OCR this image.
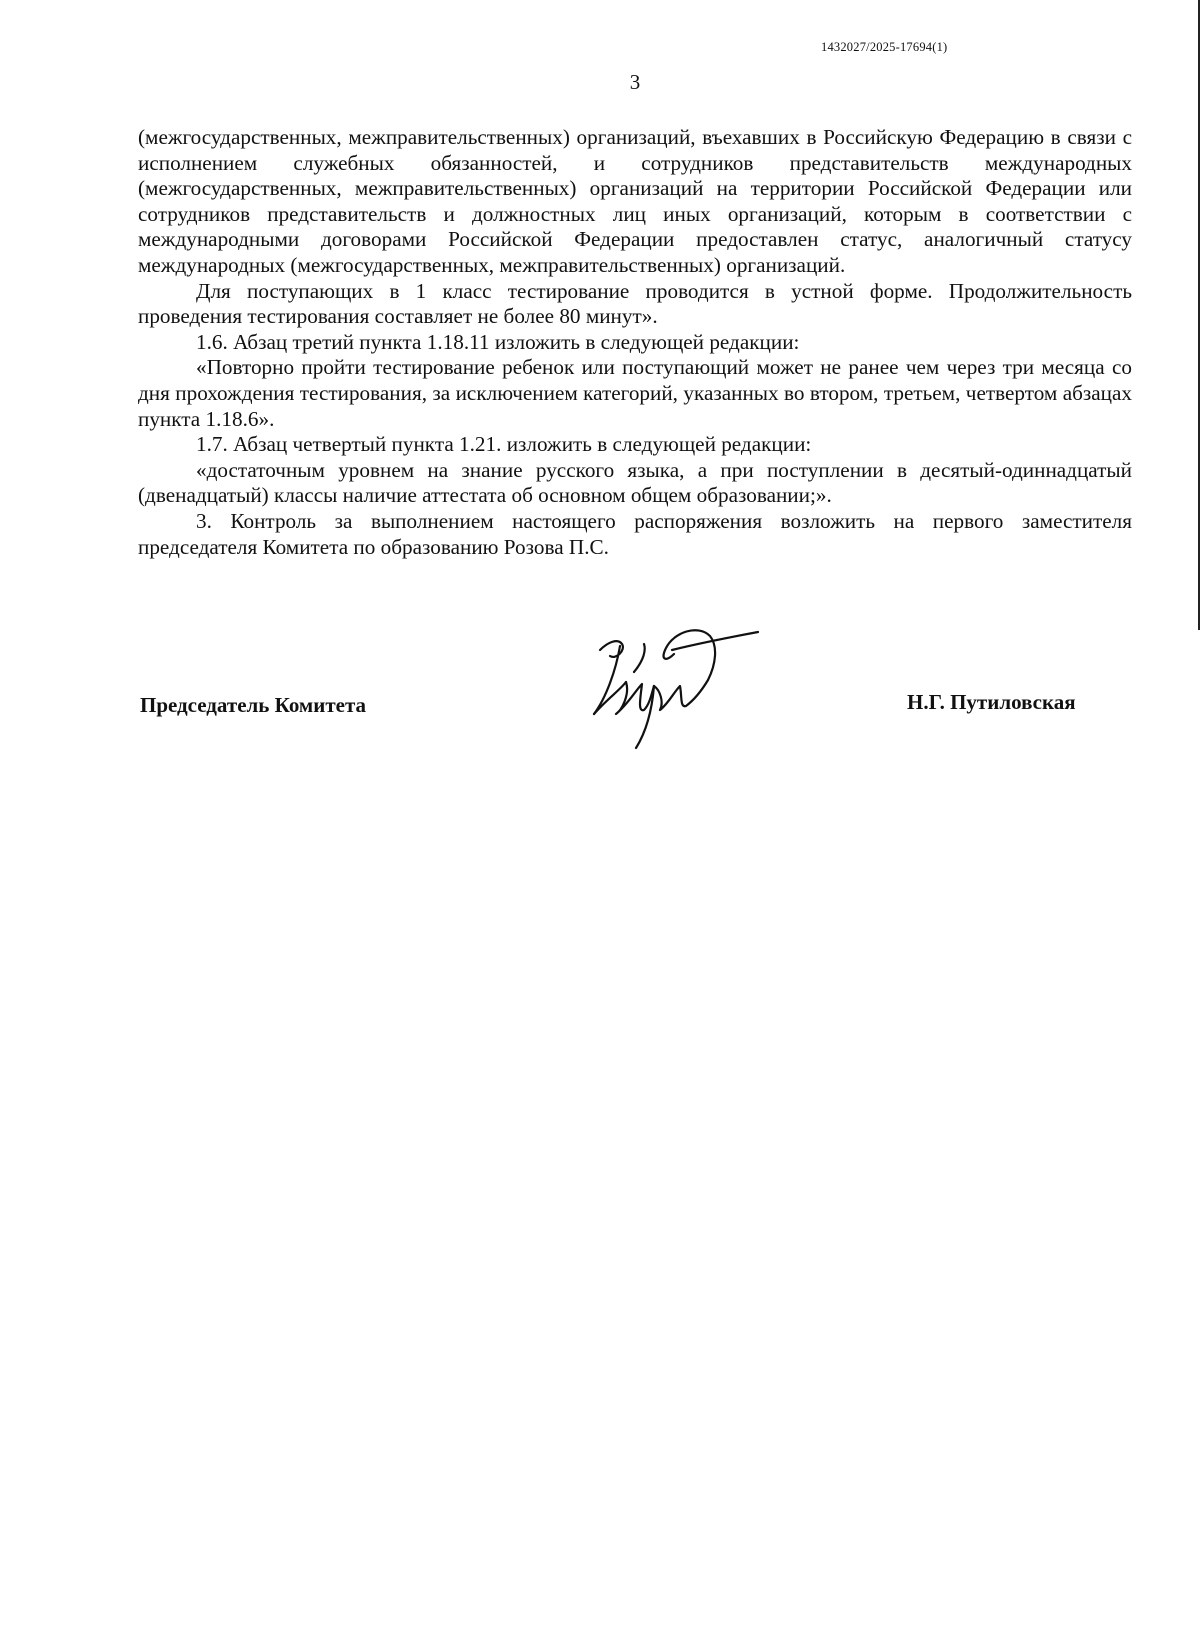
1432027/2025-17694(1)
3

(межгосударственных, межправительственных) организаций, въехавших в Российскую Федерацию в связи с исполнением служебных обязанностей, и сотрудников представительств международных (межгосударственных, межправительственных) организаций на территории Российской Федерации или сотрудников представительств и должностных лиц иных организаций, которым в соответствии с международными договорами Российской Федерации предоставлен статус, аналогичный статусу международных (межгосударственных, межправительственных) организаций.

Для поступающих в 1 класс тестирование проводится в устной форме. Продолжительность проведения тестирования составляет не более 80 минут».

1.6. Абзац третий пункта 1.18.11 изложить в следующей редакции:

«Повторно пройти тестирование ребенок или поступающий может не ранее чем через три месяца со дня прохождения тестирования, за исключением категорий, указанных во втором, третьем, четвертом абзацах пункта 1.18.6».

1.7. Абзац четвертый пункта 1.21. изложить в следующей редакции:

«достаточным уровнем на знание русского языка, а при поступлении в десятый-одиннадцатый (двенадцатый) классы наличие аттестата об основном общем образовании;».

3. Контроль за выполнением настоящего распоряжения возложить на первого заместителя председателя Комитета по образованию Розова П.С.

Председатель Комитета	Н.Г. Путиловская
